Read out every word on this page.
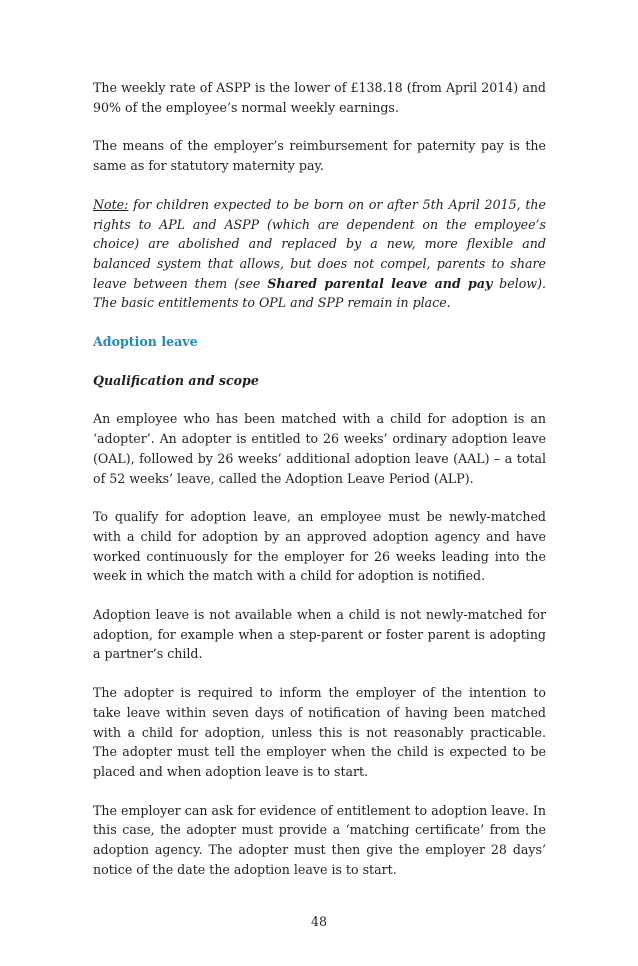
The weekly rate of ASPP is the lower of £138.18 (from April 2014) and 90% of the employee’s normal weekly earnings.

The means of the employer’s reimbursement for paternity pay is the same as for statutory maternity pay.

Note: for children expected to be born on or after 5th April 2015, the rights to APL and ASPP (which are dependent on the employee’s choice) are abolished and replaced by a new, more flexible and balanced system that allows, but does not compel, parents to share leave between them (see Shared parental leave and pay below). The basic entitlements to OPL and SPP remain in place.

Adoption leave
Qualification and scope

An employee who has been matched with a child for adoption is an ‘adopter’. An adopter is entitled to 26 weeks’ ordinary adoption leave (OAL), followed by 26 weeks’ additional adoption leave (AAL) – a total of 52 weeks’ leave, called the Adoption Leave Period (ALP).

To qualify for adoption leave, an employee must be newly-matched with a child for adoption by an approved adoption agency and have worked continuously for the employer for 26 weeks leading into the week in which the match with a child for adoption is notified.

Adoption leave is not available when a child is not newly-matched for adoption, for example when a step-parent or foster parent is adopting a partner’s child.

The adopter is required to inform the employer of the intention to take leave within seven days of notification of having been matched with a child for adoption, unless this is not reasonably practicable. The adopter must tell the employer when the child is expected to be placed and when adoption leave is to start.

The employer can ask for evidence of entitlement to adoption leave. In this case, the adopter must provide a ‘matching certificate’ from the adoption agency. The adopter must then give the employer 28 days’ notice of the date the adoption leave is to start.

48
